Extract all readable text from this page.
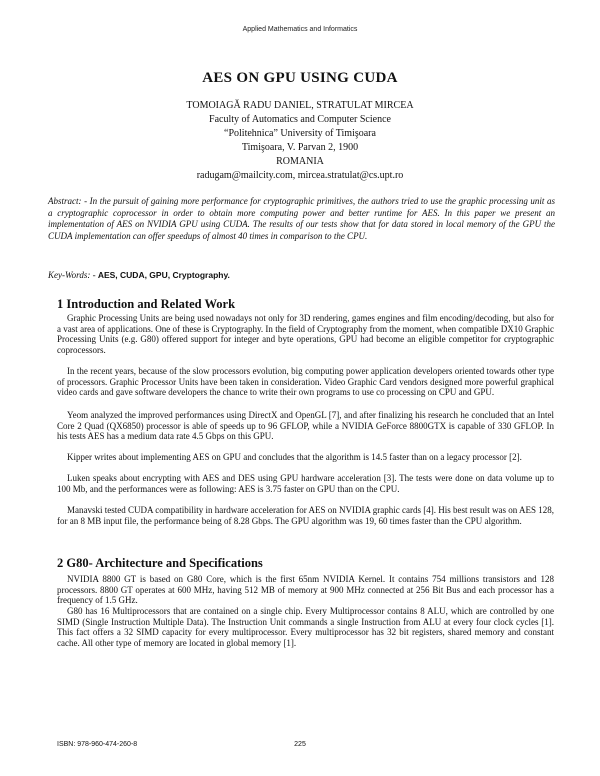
Applied Mathematics and Informatics
AES ON GPU USING CUDA
TOMOIAGĂ RADU DANIEL, STRATULAT MIRCEA
Faculty of Automatics and Computer Science
“Politehnica” University of Timişoara
Timişoara, V. Parvan 2, 1900
ROMANIA
radugam@mailcity.com, mircea.stratulat@cs.upt.ro
Abstract: - In the pursuit of gaining more performance for cryptographic primitives, the authors tried to use the graphic processing unit as a cryptographic coprocessor in order to obtain more computing power and better runtime for AES. In this paper we present an implementation of AES on NVIDIA GPU using CUDA. The results of our tests show that for data stored in local memory of the GPU the CUDA implementation can offer speedups of almost 40 times in comparison to the CPU.
Key-Words: - AES, CUDA, GPU, Cryptography.
1 Introduction and Related Work
Graphic Processing Units are being used nowadays not only for 3D rendering, games engines and film encoding/decoding, but also for a vast area of applications. One of these is Cryptography. In the field of Cryptography from the moment, when compatible DX10 Graphic Processing Units (e.g. G80) offered support for integer and byte operations, GPU had become an eligible competitor for cryptographic coprocessors.
In the recent years, because of the slow processors evolution, big computing power application developers oriented towards other type of processors. Graphic Processor Units have been taken in consideration. Video Graphic Card vendors designed more powerful graphical video cards and gave software developers the chance to write their own programs to use co processing on CPU and GPU.
Yeom analyzed the improved performances using DirectX and OpenGL [7], and after finalizing his research he concluded that an Intel Core 2 Quad (QX6850) processor is able of speeds up to 96 GFLOP, while a NVIDIA GeForce 8800GTX is capable of 330 GFLOP. In his tests AES has a medium data rate 4.5 Gbps on this GPU.
Kipper writes about implementing AES on GPU and concludes that the algorithm is 14.5 faster than on a legacy processor [2].
Luken speaks about encrypting with AES and DES using GPU hardware acceleration [3]. The tests were done on data volume up to 100 Mb, and the performances were as following: AES is 3.75 faster on GPU than on the CPU.
Manavski tested CUDA compatibility in hardware acceleration for AES on NVIDIA graphic cards [4]. His best result was on AES 128, for an 8 MB input file, the performance being of 8.28 Gbps. The GPU algorithm was 19, 60 times faster than the CPU algorithm.
2 G80- Architecture and Specifications
NVIDIA 8800 GT is based on G80 Core, which is the first 65nm NVIDIA Kernel. It contains 754 millions transistors and 128 processors. 8800 GT operates at 600 MHz, having 512 MB of memory at 900 MHz connected at 256 Bit Bus and each processor has a frequency of 1.5 GHz.
G80 has 16 Multiprocessors that are contained on a single chip. Every Multiprocessor contains 8 ALU, which are controlled by one SIMD (Single Instruction Multiple Data). The Instruction Unit commands a single Instruction from ALU at every four clock cycles [1]. This fact offers a 32 SIMD capacity for every multiprocessor. Every multiprocessor has 32 bit registers, shared memory and constant cache. All other type of memory are located in global memory [1].
ISBN: 978-960-474-260-8	225
